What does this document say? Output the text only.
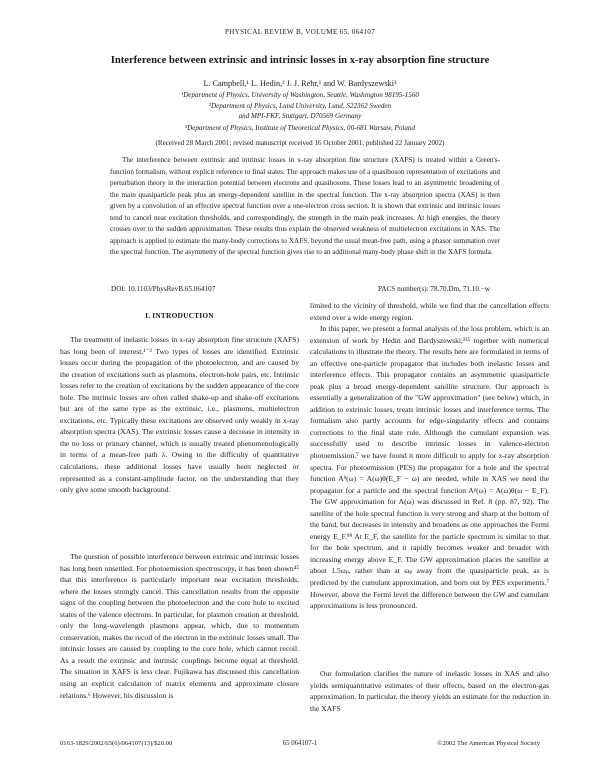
PHYSICAL REVIEW B, VOLUME 65, 064107
Interference between extrinsic and intrinsic losses in x-ray absorption fine structure
L. Campbell,¹ L. Hedin,² J. J. Rehr,¹ and W. Bardyszewski³
¹Department of Physics, University of Washington, Seattle, Washington 98195-1560
²Department of Physics, Lund University, Lund, S22362 Sweden
and MPI-FKF, Stuttgart, D70569 Germany
³Department of Physics, Institute of Theoretical Physics, 00-681 Warsaw, Poland
(Received 28 March 2001; revised manuscript received 16 October 2001; published 22 January 2002)

The interference between extrinsic and intrinsic losses in x-ray absorption fine structure (XAFS) is treated within a Green's-function formalism, without explicit reference to final states. The approach makes use of a quasiboson representation of excitations and perturbation theory in the interaction potential between electrons and quasibosons. These losses lead to an asymmetric broadening of the main quasiparticle peak plus an energy-dependent satellite in the spectral function. The x-ray absorption spectra (XAS) is then given by a convolution of an effective spectral function over a one-electron cross section. It is shown that extrinsic and intrinsic losses tend to cancel near excitation thresholds, and correspondingly, the strength in the main peak increases. At high energies, the theory crosses over to the sudden approximation. These results thus explain the observed weakness of multielectron excitations in XAS. The approach is applied to estimate the many-body corrections to XAFS, beyond the usual mean-free path, using a phasor summation over the spectral function. The asymmetry of the spectral function gives rise to an additional many-body phase shift in the XAFS formula.

DOI: 10.1103/PhysRevB.65.064107	PACS number(s): 78.70.Dm, 71.10.−w
I. INTRODUCTION

The treatment of inelastic losses in x-ray absorption fine structure (XAFS) has long been of interest.¹⁻³ Two types of losses are identified. Extrinsic losses occur during the propagation of the photoelectron, and are caused by the creation of excitations such as plasmons, electron-hole pairs, etc. Intrinsic losses refer to the creation of excitations by the sudden appearance of the core hole. The intrinsic losses are often called shake-up and shake-off excitations but are of the same type as the extrinsic, i.e., plasmons, multielectron excitations, etc. Typically these excitations are observed only weakly in x-ray absorption spectra (XAS). The extrinsic losses cause a decrease in intensity in the no loss or primary channel, which is usually treated phenomenologically in terms of a mean-free path λ. Owing to the difficulty of quantitative calculations, these additional losses have usually been neglected or represented as a constant-amplitude factor, on the understanding that they only give some smooth background.

The question of possible interference between extrinsic and intrinsic losses has long been unsettled. For photoemission spectroscopy, it has been shown⁴⁵ that this interference is particularly important near excitation thresholds, where the losses strongly cancel. This cancellation results from the opposite signs of the coupling between the photoelectron and the core hole to excited states of the valence electrons. In particular, for plasmon creation at threshold, only the long-wavelength plasmons appear, which, due to momentum conservation, makes the recoil of the electron in the extrinsic losses small. The intrinsic losses are caused by coupling to the core hole, which cannot recoil. As a result the extrinsic and intrinsic couplings become equal at threshold. The situation in XAFS is less clear. Fujikawa has discussed this cancellation using an explicit calculation of matrix elements and approximate closure relations.⁶ However, his discussion is

limited to the vicinity of threshold, while we find that the cancellation effects extend over a wide energy region.

In this paper, we present a formal analysis of the loss problem, which is an extension of work by Hedin and Bardyszewski,²³⁵ together with numerical calculations to illustrate the theory. The results here are formulated in terms of an effective one-particle propagator that includes both inelastic losses and interference effects. This propagator contains an asymmetric quasiparticle peak plus a broad energy-dependent satellite structure. Our approach is essentially a generalization of the "GW approximation" (see below) which, in addition to extrinsic losses, treats intrinsic losses and interference terms. The formalism also partly accounts for edge-singularity effects and contains corrections to the final state rule. Although the cumulant expansion was successfully used to describe intrinsic losses in valence-electron photoemission,⁷ we have found it more difficult to apply for x-ray absorption spectra. For photoemission (PES) the propagator for a hole and the spectral function Aʰ(ω) = A(ω)θ(E_F − ω) are needed, while in XAS we need the propagator for a particle and the spectral function Aᵖ(ω) = A(ω)θ(ω − E_F). The GW approximation for A(ω) was discussed in Ref. 8 (pp. 87, 92). The satellite of the hole spectral function is very strong and sharp at the bottom of the band, but decreases in intensity and broadens as one approaches the Fermi energy E_F.⁸⁹ At E_F, the satellite for the particle spectrum is similar to that for the hole spectrum, and it rapidly becomes weaker and broader with increasing energy above E_F. The GW approximation places the satellite at about 1.5ωₚ, rather than at ωₚ away from the quasiparticle peak, as is predicted by the cumulant approximation, and born out by PES experiments.⁷ However, above the Fermi level the difference between the GW and cumulant approximations is less pronounced.

Our formulation clarifies the nature of inelastic losses in XAS and also yields semiquantitative estimates of their effects, based on the electron-gas approximation. In particular, the theory yields an estimate for the reduction in the XAFS

0163-1829/2002/65(6)/064107(13)/$20.00	65 064107-1	©2002 The American Physical Society
